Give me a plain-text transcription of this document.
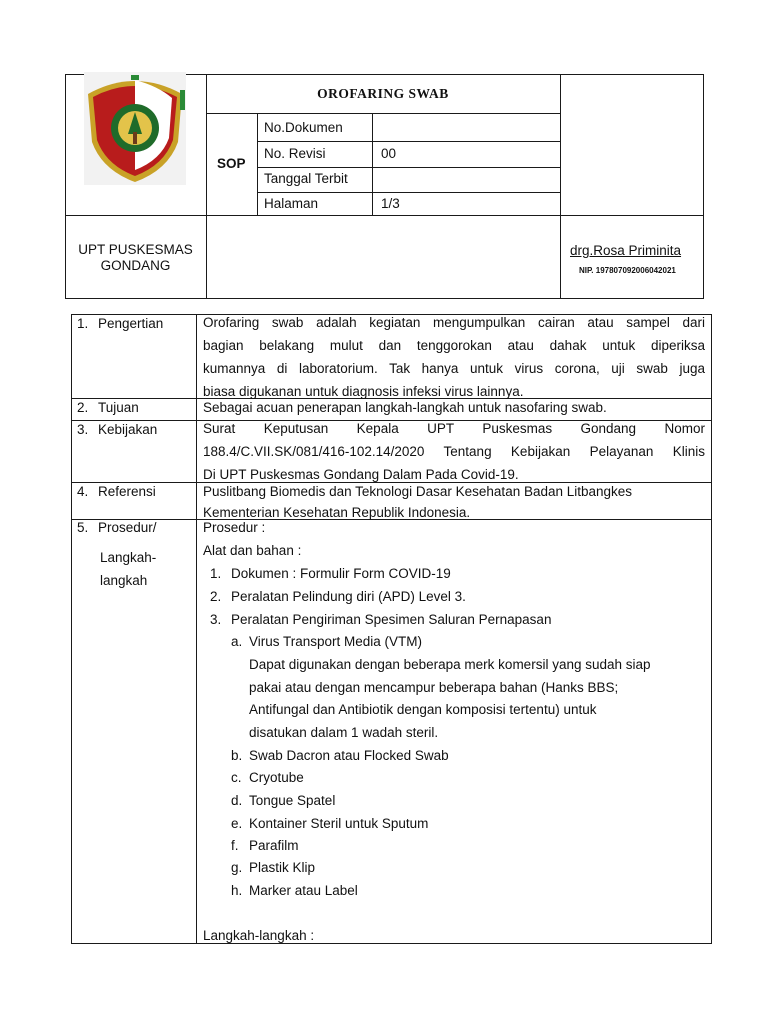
OROFARING SWAB
SOP
No.Dokumen
No. Revisi	00
Tanggal Terbit
Halaman	1/3
UPT PUSKESMAS
GONDANG
drg.Rosa Priminita
NIP. 197807092006042021
1. Pengertian	Orofaring swab adalah kegiatan mengumpulkan cairan atau sampel dari
bagian belakang mulut dan tenggorokan atau dahak untuk diperiksa
kumannya di laboratorium. Tak hanya untuk virus corona, uji swab juga
biasa digukanan untuk diagnosis infeksi virus lainnya.
2. Tujuan	Sebagai acuan penerapan langkah-langkah untuk nasofaring swab.
3. Kebijakan	Surat Keputusan Kepala UPT Puskesmas Gondang Nomor
188.4/C.VII.SK/081/416-102.14/2020 Tentang Kebijakan Pelayanan Klinis
Di UPT Puskesmas Gondang Dalam Pada Covid-19.
4. Referensi	Puslitbang Biomedis dan Teknologi Dasar Kesehatan Badan Litbangkes
Kementerian Kesehatan Republik Indonesia.
5. Prosedur/
Langkah-
langkah
Prosedur :
Alat dan bahan :
1. Dokumen : Formulir Form COVID-19
2. Peralatan Pelindung diri (APD) Level 3.
3. Peralatan Pengiriman Spesimen Saluran Pernapasan
a. Virus Transport Media (VTM)
Dapat digunakan dengan beberapa merk komersil yang sudah siap
pakai atau dengan mencampur beberapa bahan (Hanks BBS;
Antifungal dan Antibiotik dengan komposisi tertentu) untuk
disatukan dalam 1 wadah steril.
b. Swab Dacron atau Flocked Swab
c. Cryotube
d. Tongue Spatel
e. Kontainer Steril untuk Sputum
f. Parafilm
g. Plastik Klip
h. Marker atau Label
Langkah-langkah :
